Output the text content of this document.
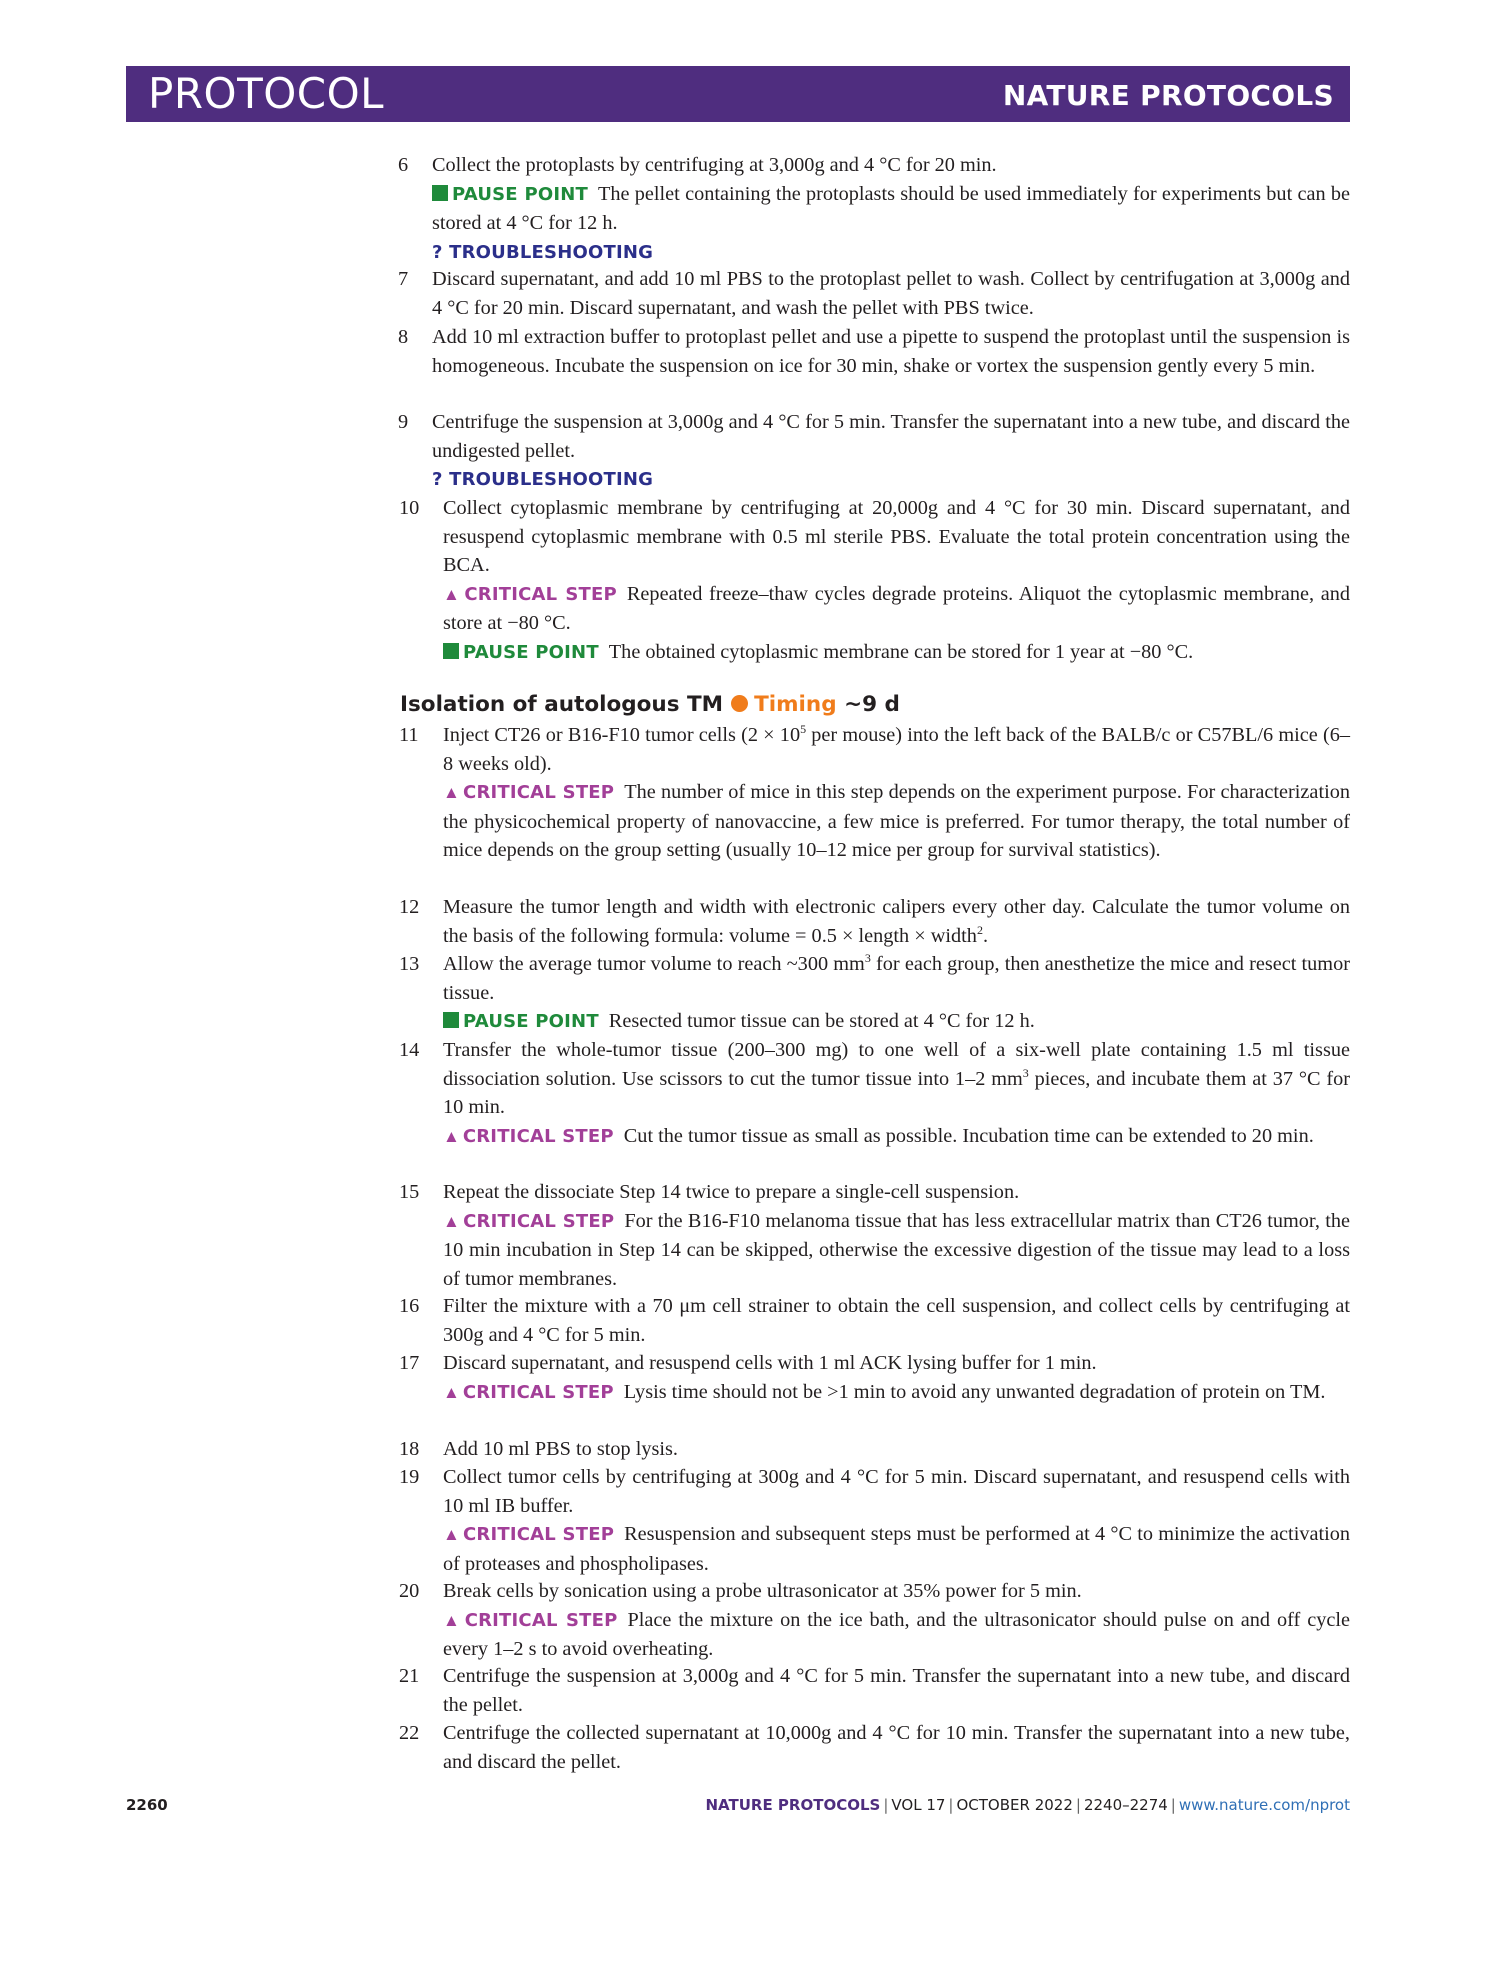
PROTOCOL	NATURE PROTOCOLS
6	Collect the protoplasts by centrifuging at 3,000g and 4 °C for 20 min.
PAUSE POINT The pellet containing the protoplasts should be used immediately for experiments but can be stored at 4 °C for 12 h.
? TROUBLESHOOTING
7	Discard supernatant, and add 10 ml PBS to the protoplast pellet to wash. Collect by centrifugation at 3,000g and 4 °C for 20 min. Discard supernatant, and wash the pellet with PBS twice.
8	Add 10 ml extraction buffer to protoplast pellet and use a pipette to suspend the protoplast until the suspension is homogeneous. Incubate the suspension on ice for 30 min, shake or vortex the suspension gently every 5 min.
9	Centrifuge the suspension at 3,000g and 4 °C for 5 min. Transfer the supernatant into a new tube, and discard the undigested pellet.
? TROUBLESHOOTING
10	Collect cytoplasmic membrane by centrifuging at 20,000g and 4 °C for 30 min. Discard supernatant, and resuspend cytoplasmic membrane with 0.5 ml sterile PBS. Evaluate the total protein concentration using the BCA.
▲ CRITICAL STEP Repeated freeze–thaw cycles degrade proteins. Aliquot the cytoplasmic membrane, and store at −80 °C.
PAUSE POINT The obtained cytoplasmic membrane can be stored for 1 year at −80 °C.
Isolation of autologous TM Timing ~9 d
11	Inject CT26 or B16-F10 tumor cells ($2 \times 10^5$ per mouse) into the left back of the BALB/c or C57BL/6 mice (6–8 weeks old).
▲ CRITICAL STEP The number of mice in this step depends on the experiment purpose. For characterization the physicochemical property of nanovaccine, a few mice is preferred. For tumor therapy, the total number of mice depends on the group setting (usually 10–12 mice per group for survival statistics).
12	Measure the tumor length and width with electronic calipers every other day. Calculate the tumor volume on the basis of the following formula: volume = 0.5 × length × width$^2$.
13	Allow the average tumor volume to reach ~300 $mm^3$ for each group, then anesthetize the mice and resect tumor tissue.
PAUSE POINT Resected tumor tissue can be stored at 4 °C for 12 h.
14	Transfer the whole-tumor tissue (200–300 mg) to one well of a six-well plate containing 1.5 ml tissue dissociation solution. Use scissors to cut the tumor tissue into 1–2 $mm^3$ pieces, and incubate them at 37 °C for 10 min.
▲ CRITICAL STEP Cut the tumor tissue as small as possible. Incubation time can be extended to 20 min.
15	Repeat the dissociate Step 14 twice to prepare a single-cell suspension.
▲ CRITICAL STEP For the B16-F10 melanoma tissue that has less extracellular matrix than CT26 tumor, the 10 min incubation in Step 14 can be skipped, otherwise the excessive digestion of the tissue may lead to a loss of tumor membranes.
16	Filter the mixture with a 70 μm cell strainer to obtain the cell suspension, and collect cells by centrifuging at 300g and 4 °C for 5 min.
17	Discard supernatant, and resuspend cells with 1 ml ACK lysing buffer for 1 min.
▲ CRITICAL STEP Lysis time should not be >1 min to avoid any unwanted degradation of protein on TM.
18	Add 10 ml PBS to stop lysis.
19	Collect tumor cells by centrifuging at 300g and 4 °C for 5 min. Discard supernatant, and resuspend cells with 10 ml IB buffer.
▲ CRITICAL STEP Resuspension and subsequent steps must be performed at 4 °C to minimize the activation of proteases and phospholipases.
20	Break cells by sonication using a probe ultrasonicator at 35% power for 5 min.
▲ CRITICAL STEP Place the mixture on the ice bath, and the ultrasonicator should pulse on and off cycle every 1–2 s to avoid overheating.
21	Centrifuge the suspension at 3,000g and 4 °C for 5 min. Transfer the supernatant into a new tube, and discard the pellet.
22	Centrifuge the collected supernatant at 10,000g and 4 °C for 10 min. Transfer the supernatant into a new tube, and discard the pellet.
2260	NATURE PROTOCOLS | VOL 17 | OCTOBER 2022 | 2240–2274 | www.nature.com/nprot
